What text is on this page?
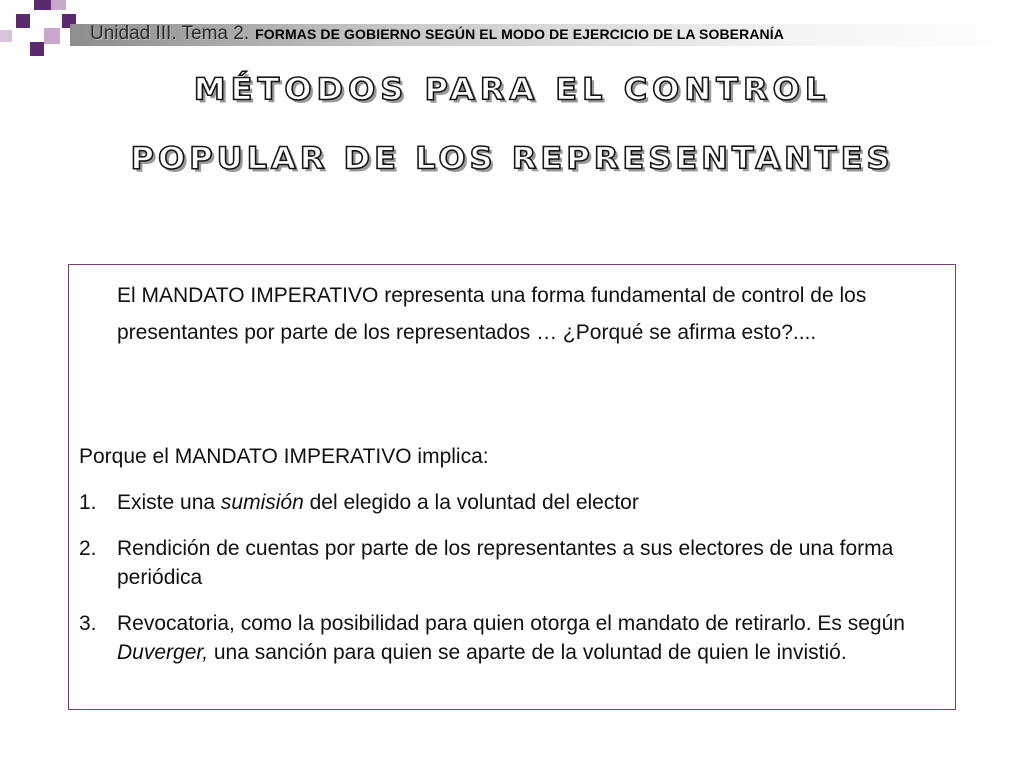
Unidad III. Tema 2. FORMAS DE GOBIERNO SEGÚN EL MODO DE EJERCICIO DE LA SOBERANÍA
MÉTODOS PARA EL CONTROL
POPULAR DE LOS REPRESENTANTES
El MANDATO IMPERATIVO representa una forma fundamental de control de los presentantes por parte de los representados … ¿Porqué se afirma esto?....
Porque el MANDATO IMPERATIVO implica:
1. Existe una sumisión del elegido a la voluntad del elector
2. Rendición de cuentas por parte de los representantes a sus electores de una forma periódica
3. Revocatoria, como la posibilidad para quien otorga el mandato de retirarlo. Es según Duverger, una sanción para quien se aparte de la voluntad de quien le invistió.
